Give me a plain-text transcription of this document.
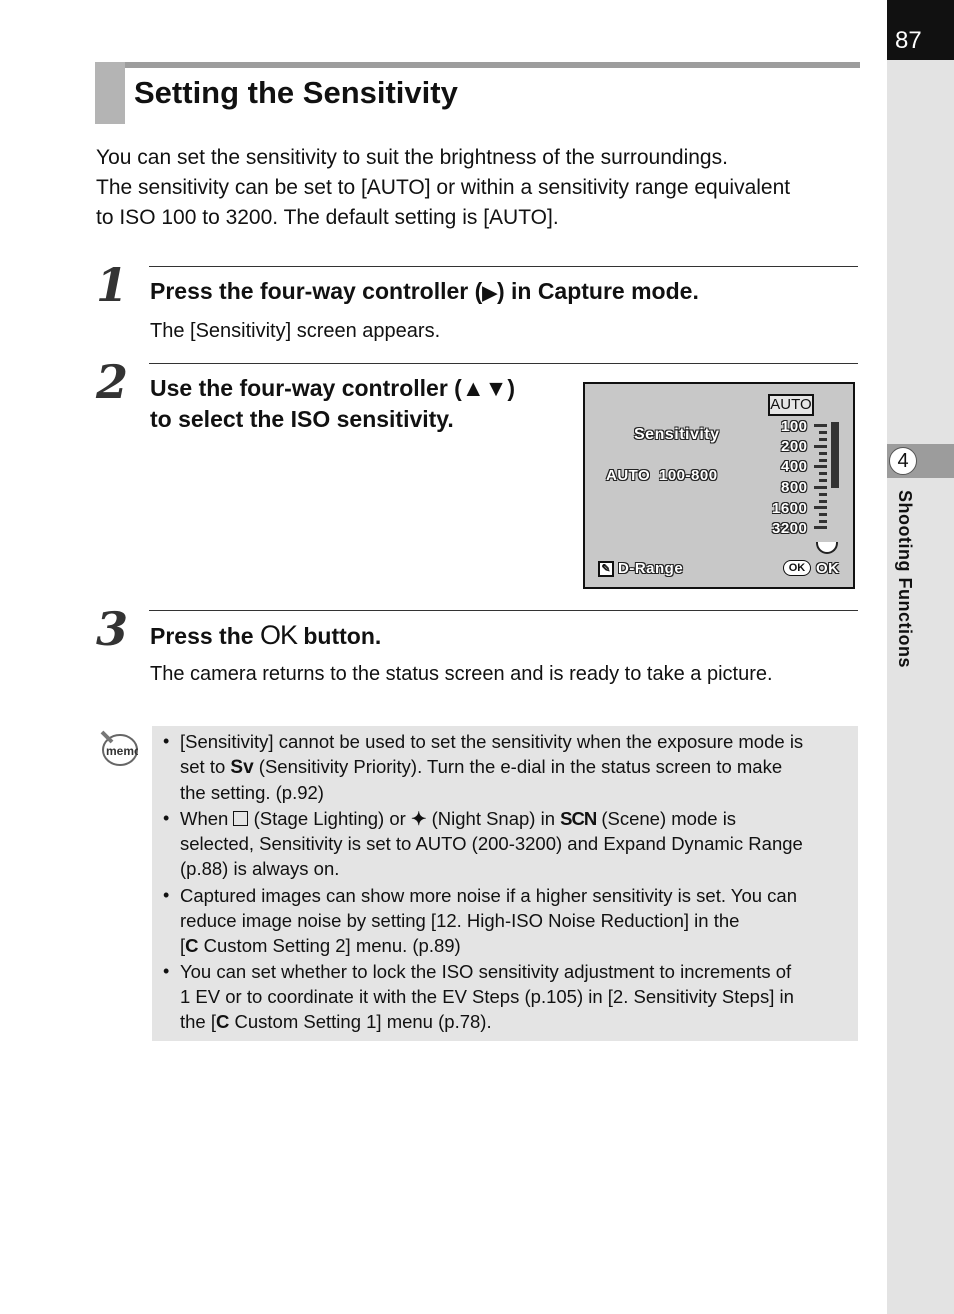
87
4
Shooting Functions
Setting the Sensitivity
You can set the sensitivity to suit the brightness of the surroundings.
The sensitivity can be set to [AUTO] or within a sensitivity range equivalent
to ISO 100 to 3200. The default setting is [AUTO].
1 Press the four-way controller (▶) in Capture mode.
The [Sensitivity] screen appears.
2 Use the four-way controller (▲▼)
to select the ISO sensitivity.
Sensitivity
AUTO 100-800
AUTO
100
200
400
800
1600
3200
✎ D-Range	OK OK
3 Press the OK button.
The camera returns to the status screen and is ready to take a picture.
memo • [Sensitivity] cannot be used to set the sensitivity when the exposure mode is
set to Sv (Sensitivity Priority). Turn the e-dial in the status screen to make
the setting. (p.92)
• When  (Stage Lighting) or ✦ (Night Snap) in SCN (Scene) mode is
selected, Sensitivity is set to AUTO (200-3200) and Expand Dynamic Range
(p.88) is always on.
• Captured images can show more noise if a higher sensitivity is set. You can
reduce image noise by setting [12. High-ISO Noise Reduction] in the
[C Custom Setting 2] menu. (p.89)
• You can set whether to lock the ISO sensitivity adjustment to increments of
1 EV or to coordinate it with the EV Steps (p.105) in [2. Sensitivity Steps] in
the [C Custom Setting 1] menu (p.78).
